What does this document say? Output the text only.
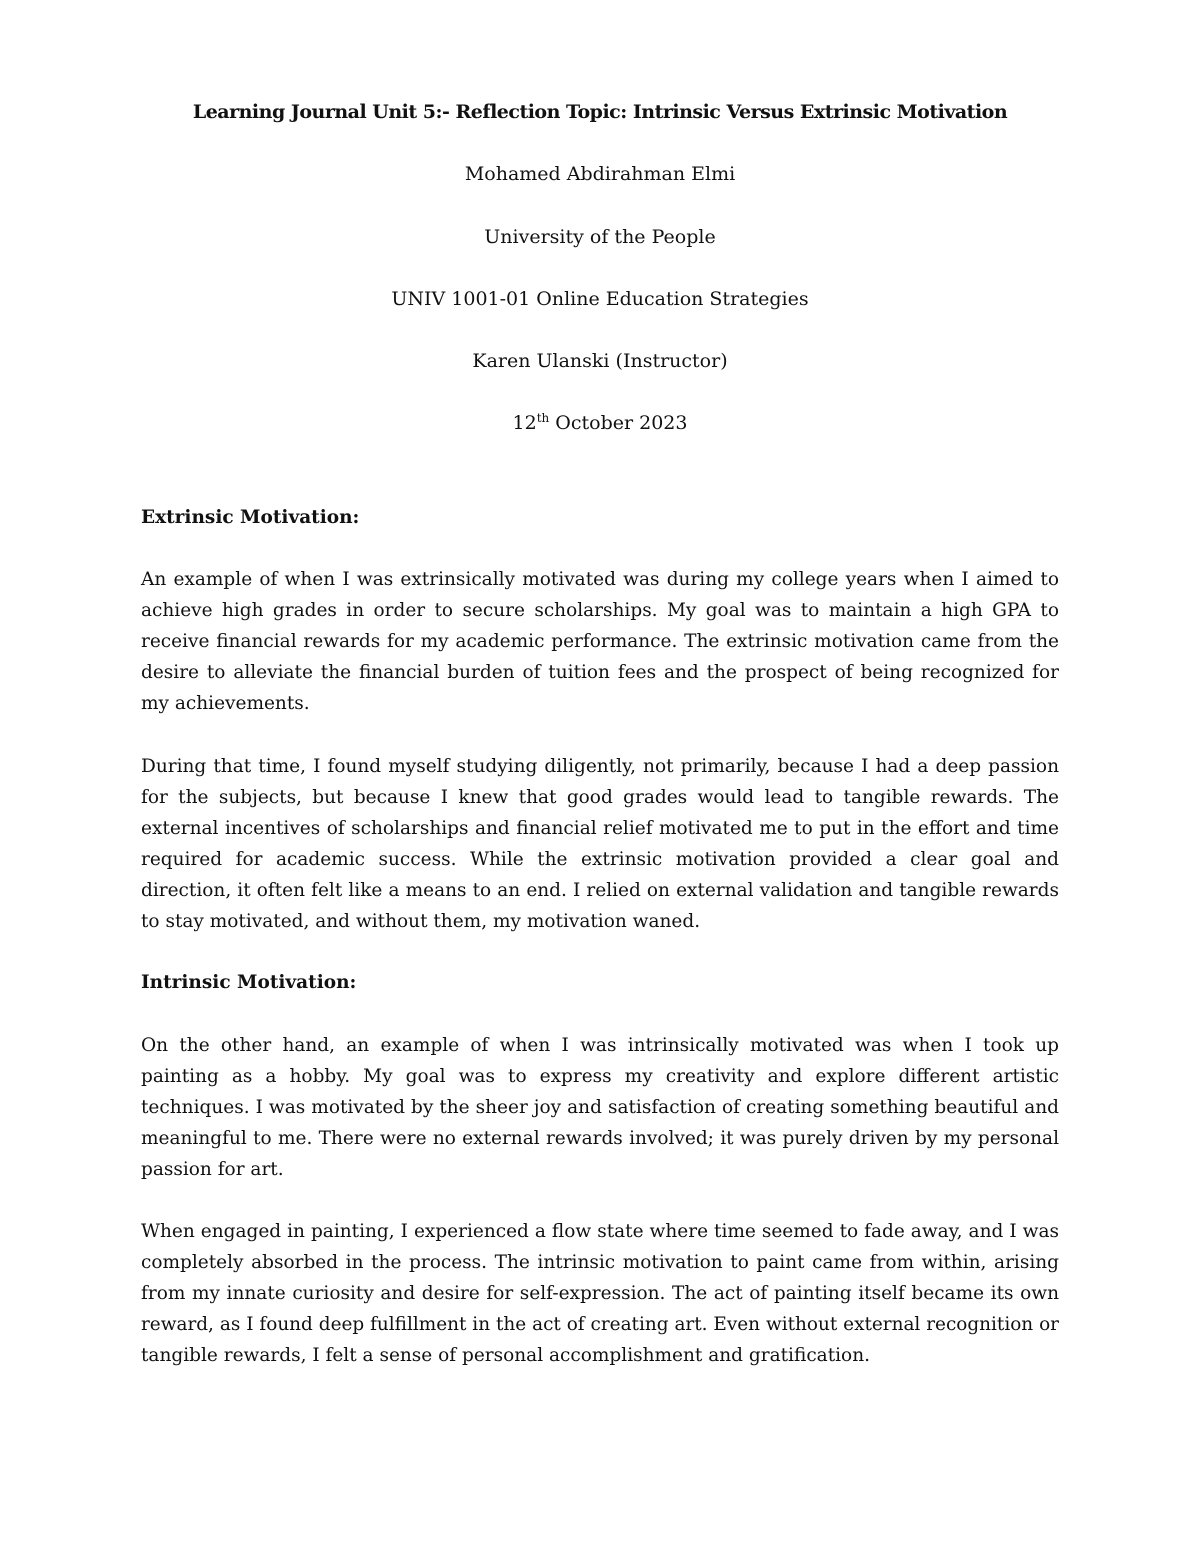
Learning Journal Unit 5:- Reflection Topic: Intrinsic Versus Extrinsic Motivation
Mohamed Abdirahman Elmi
University of the People
UNIV 1001-01 Online Education Strategies
Karen Ulanski (Instructor)
12th October 2023
Extrinsic Motivation:
An example of when I was extrinsically motivated was during my college years when I aimed to
achieve high grades in order to secure scholarships. My goal was to maintain a high GPA to
receive financial rewards for my academic performance. The extrinsic motivation came from the
desire to alleviate the financial burden of tuition fees and the prospect of being recognized for
my achievements.
During that time, I found myself studying diligently, not primarily, because I had a deep passion
for the subjects, but because I knew that good grades would lead to tangible rewards. The
external incentives of scholarships and financial relief motivated me to put in the effort and time
required for academic success. While the extrinsic motivation provided a clear goal and
direction, it often felt like a means to an end. I relied on external validation and tangible rewards
to stay motivated, and without them, my motivation waned.
Intrinsic Motivation:
On the other hand, an example of when I was intrinsically motivated was when I took up
painting as a hobby. My goal was to express my creativity and explore different artistic
techniques. I was motivated by the sheer joy and satisfaction of creating something beautiful and
meaningful to me. There were no external rewards involved; it was purely driven by my personal
passion for art.
When engaged in painting, I experienced a flow state where time seemed to fade away, and I was
completely absorbed in the process. The intrinsic motivation to paint came from within, arising
from my innate curiosity and desire for self-expression. The act of painting itself became its own
reward, as I found deep fulfillment in the act of creating art. Even without external recognition or
tangible rewards, I felt a sense of personal accomplishment and gratification.
